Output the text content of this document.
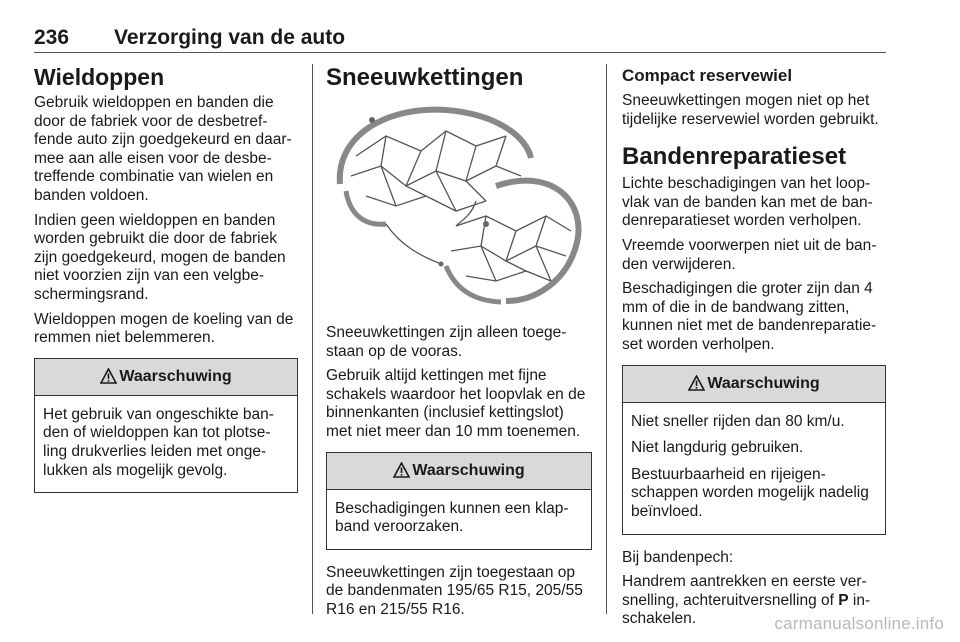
236 Verzorging van de auto
Wieldoppen

Gebruik wieldoppen en banden die door de fabriek voor de desbetreffende auto zijn goedgekeurd en daarmee aan alle eisen voor de desbetreffende combinatie van wielen en banden voldoen.

Indien geen wieldoppen en banden worden gebruikt die door de fabriek zijn goedgekeurd, mogen de banden niet voorzien zijn van een velgbeschermingsrand.

Wieldoppen mogen de koeling van de remmen niet belemmeren.

Waarschuwing

Het gebruik van ongeschikte banden of wieldoppen kan tot plotseling drukverlies leiden met ongelukken als mogelijk gevolg.

Sneeuwkettingen

Sneeuwkettingen zijn alleen toegestaan op de vooras.

Gebruik altijd kettingen met fijne schakels waardoor het loopvlak en de binnenkanten (inclusief kettingslot) met niet meer dan 10 mm toenemen.

Waarschuwing

Beschadigingen kunnen een klapband veroorzaken.

Sneeuwkettingen zijn toegestaan op de bandenmaten 195/65 R15, 205/55 R16 en 215/55 R16.

Compact reservewiel

Sneeuwkettingen mogen niet op het tijdelijke reservewiel worden gebruikt.

Bandenreparatieset

Lichte beschadigingen van het loopvlak van de banden kan met de bandenreparatieset worden verholpen.

Vreemde voorwerpen niet uit de banden verwijderen.

Beschadigingen die groter zijn dan 4 mm of die in de bandwang zitten, kunnen niet met de bandenreparatieset worden verholpen.

Waarschuwing

Niet sneller rijden dan 80 km/u.

Niet langdurig gebruiken.

Bestuurbaarheid en rijeigenschappen worden mogelijk nadelig beïnvloed.

Bij bandenpech:

Handrem aantrekken en eerste versnelling, achteruitversnelling of P inschakelen.	carmanualsonline.info
